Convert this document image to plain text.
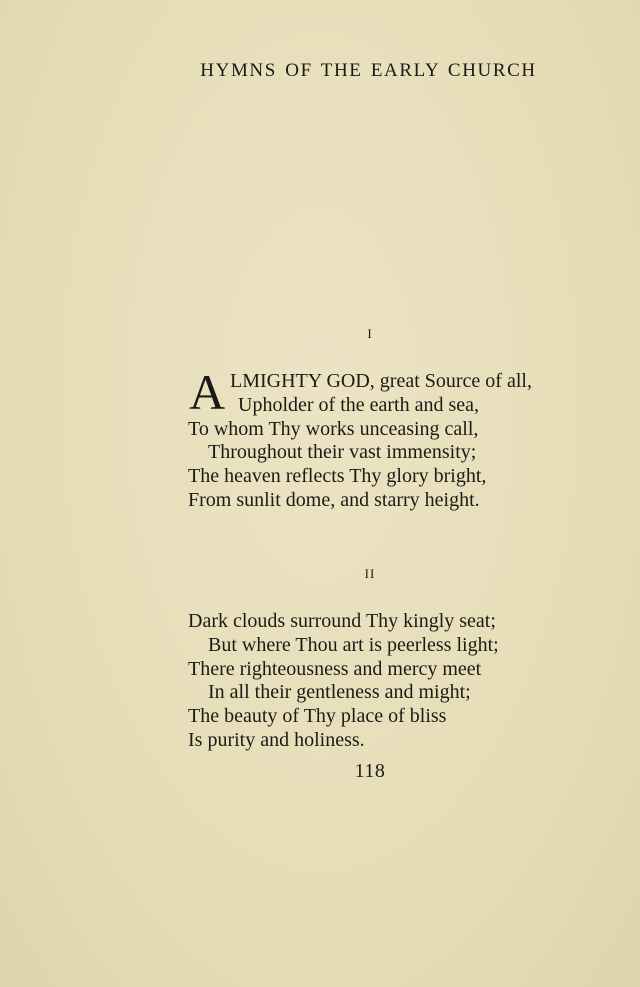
HYMNS OF THE EARLY CHURCH

I

A LMIGHTY GOD, great Source of all,
Upholder of the earth and sea,
To whom Thy works unceasing call,
Throughout their vast immensity;
The heaven reflects Thy glory bright,
From sunlit dome, and starry height.

II

Dark clouds surround Thy kingly seat;
But where Thou art is peerless light;
There righteousness and mercy meet
In all their gentleness and might;
The beauty of Thy place of bliss
Is purity and holiness.

118
